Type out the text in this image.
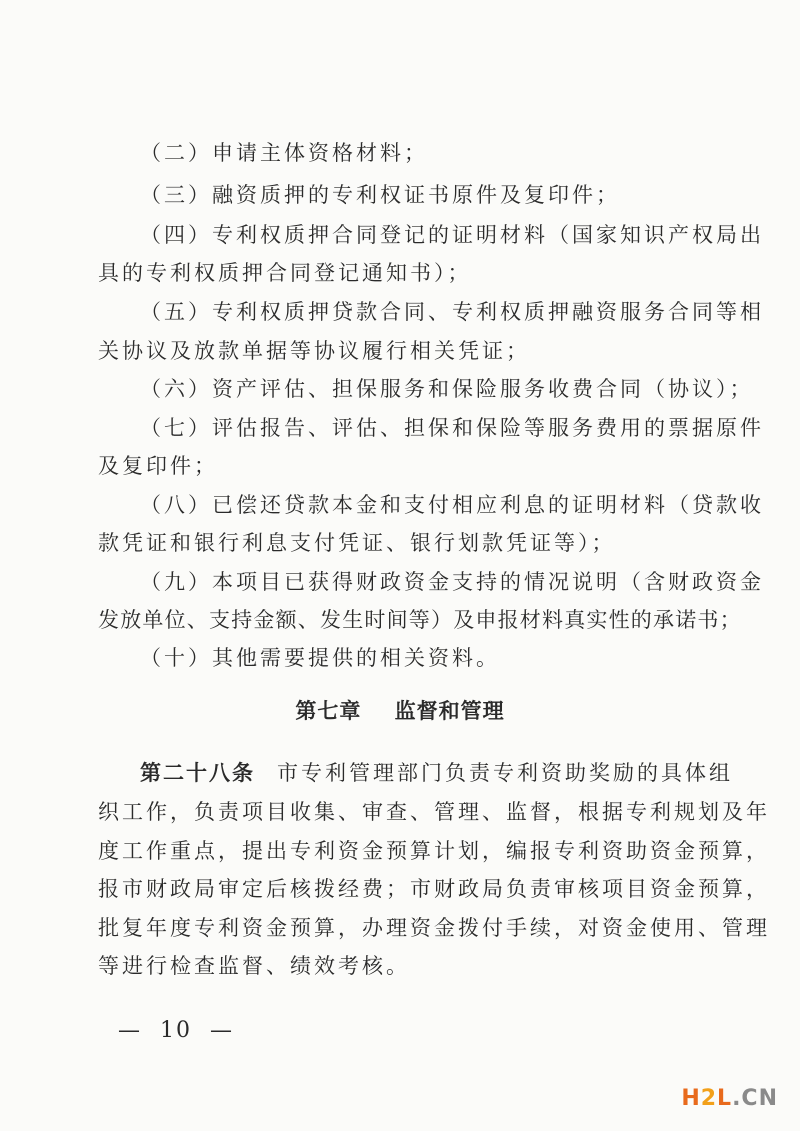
（二）申请主体资格材料；
（三）融资质押的专利权证书原件及复印件；
（四）专利权质押合同登记的证明材料（国家知识产权局出
具的专利权质押合同登记通知书）；
（五）专利权质押贷款合同、专利权质押融资服务合同等相
关协议及放款单据等协议履行相关凭证；
（六）资产评估、担保服务和保险服务收费合同（协议）；
（七）评估报告、评估、担保和保险等服务费用的票据原件
及复印件；
（八）已偿还贷款本金和支付相应利息的证明材料（贷款收
款凭证和银行利息支付凭证、银行划款凭证等）；
（九）本项目已获得财政资金支持的情况说明（含财政资金
发放单位、支持金额、发生时间等）及申报材料真实性的承诺书；
（十）其他需要提供的相关资料。
第七章    监督和管理
第二十八条 市专利管理部门负责专利资助奖励的具体组
织工作，负责项目收集、审查、管理、监督，根据专利规划及年
度工作重点，提出专利资金预算计划，编报专利资助资金预算，
报市财政局审定后核拨经费；市财政局负责审核项目资金预算，
批复年度专利资金预算，办理资金拨付手续，对资金使用、管理
等进行检查监督、绩效考核。
—  10  —
H 2 L .CN
